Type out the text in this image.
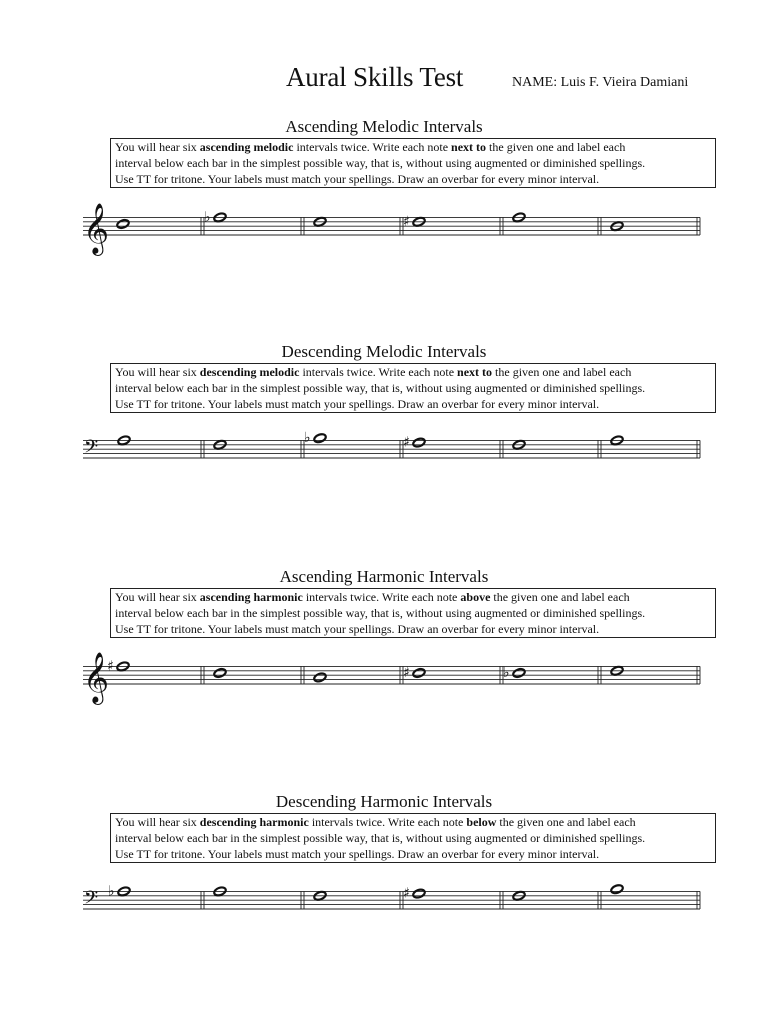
Aural Skills Test	NAME: Luis F. Vieira Damiani
Ascending Melodic Intervals
You will hear six ascending melodic intervals twice. Write each note next to the given one and label each
interval below each bar in the simplest possible way, that is, without using augmented or diminished spellings.
Use TT for tritone. Your labels must match your spellings. Draw an overbar for every minor interval.
𝄞	♭	♯
Descending Melodic Intervals
You will hear six descending melodic intervals twice. Write each note next to the given one and label each
interval below each bar in the simplest possible way, that is, without using augmented or diminished spellings.
Use TT for tritone. Your labels must match your spellings. Draw an overbar for every minor interval.
𝄢	♭	♯
Ascending Harmonic Intervals
You will hear six ascending harmonic intervals twice. Write each note above the given one and label each
interval below each bar in the simplest possible way, that is, without using augmented or diminished spellings.
Use TT for tritone. Your labels must match your spellings. Draw an overbar for every minor interval.
𝄞
♯	♯	♭
Descending Harmonic Intervals
You will hear six descending harmonic intervals twice. Write each note below the given one and label each
interval below each bar in the simplest possible way, that is, without using augmented or diminished spellings.
Use TT for tritone. Your labels must match your spellings. Draw an overbar for every minor interval.
𝄢 ♭	♯
